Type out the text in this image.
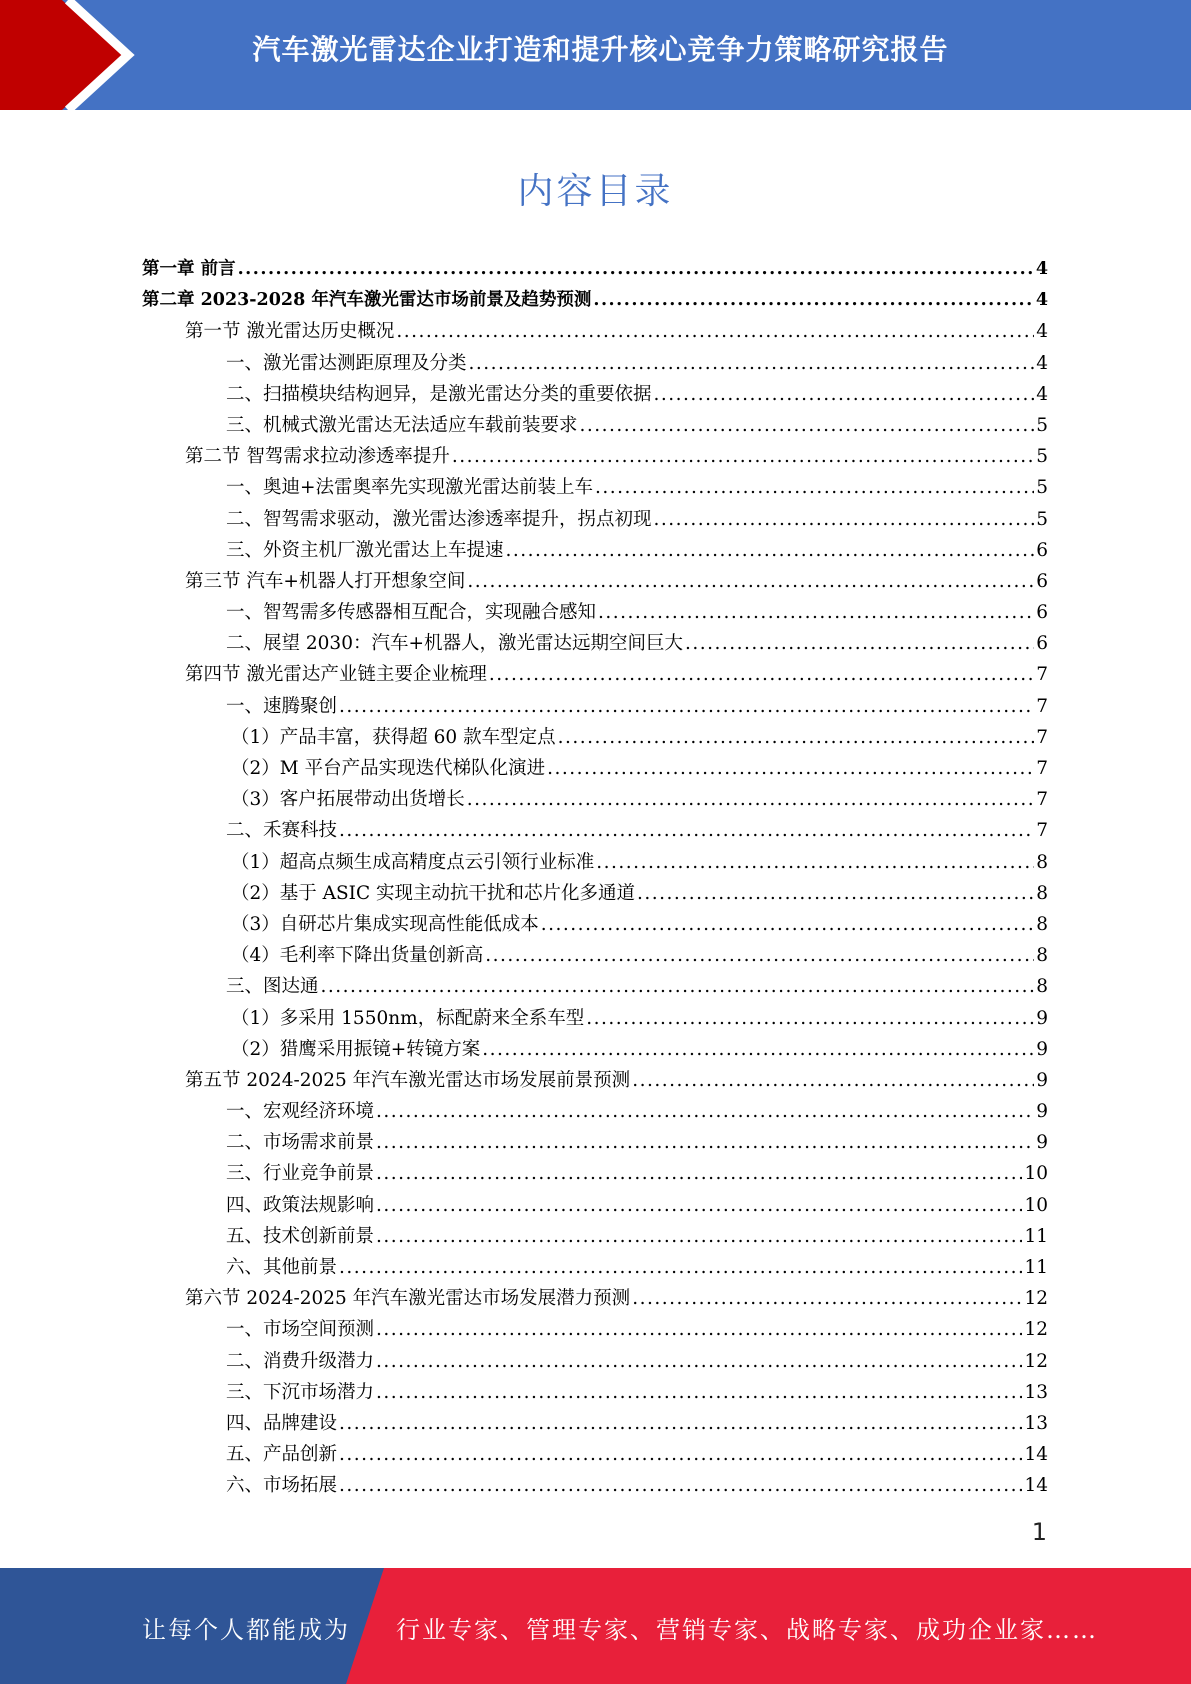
汽车激光雷达企业打造和提升核心竞争力策略研究报告
内容目录
第一章 前言 .....	4
第二章 2023-2028 年汽车激光雷达市场前景及趋势预测 .....	4
第一节 激光雷达历史概况 .....	4
一、激光雷达测距原理及分类 .....	4
二、扫描模块结构迥异，是激光雷达分类的重要依据 .....	4
三、机械式激光雷达无法适应车载前装要求 .....	5
第二节 智驾需求拉动渗透率提升 .....	5
一、奥迪+法雷奥率先实现激光雷达前装上车 .....	5
二、智驾需求驱动，激光雷达渗透率提升，拐点初现 .....	5
三、外资主机厂激光雷达上车提速 .....	6
第三节 汽车+机器人打开想象空间 .....	6
一、智驾需多传感器相互配合，实现融合感知 .....	6
二、展望 2030：汽车+机器人，激光雷达远期空间巨大 .....	6
第四节 激光雷达产业链主要企业梳理 .....	7
一、速腾聚创 .....	7
（1）产品丰富，获得超 60 款车型定点 .....	7
（2）M 平台产品实现迭代梯队化演进 .....	7
（3）客户拓展带动出货增长 .....	7
二、禾赛科技 .....	7
（1）超高点频生成高精度点云引领行业标准 .....	8
（2）基于 ASIC 实现主动抗干扰和芯片化多通道 .....	8
（3）自研芯片集成实现高性能低成本 .....	8
（4）毛利率下降出货量创新高 .....	8
三、图达通 .....	8
（1）多采用 1550nm，标配蔚来全系车型 .....	9
（2）猎鹰采用振镜+转镜方案 .....	9
第五节 2024-2025 年汽车激光雷达市场发展前景预测 .....	9
一、宏观经济环境 .....	9
二、市场需求前景 .....	9
三、行业竞争前景 .....	10
四、政策法规影响 .....	10
五、技术创新前景 .....	11
六、其他前景 .....	11
第六节 2024-2025 年汽车激光雷达市场发展潜力预测 .....	12
一、市场空间预测 .....	12
二、消费升级潜力 .....	12
三、下沉市场潜力 .....	13
四、品牌建设 .....	13
五、产品创新 .....	14
六、市场拓展 .....	14
1
让每个人都能成为 行业专家、管理专家、营销专家、战略专家、成功企业家……
